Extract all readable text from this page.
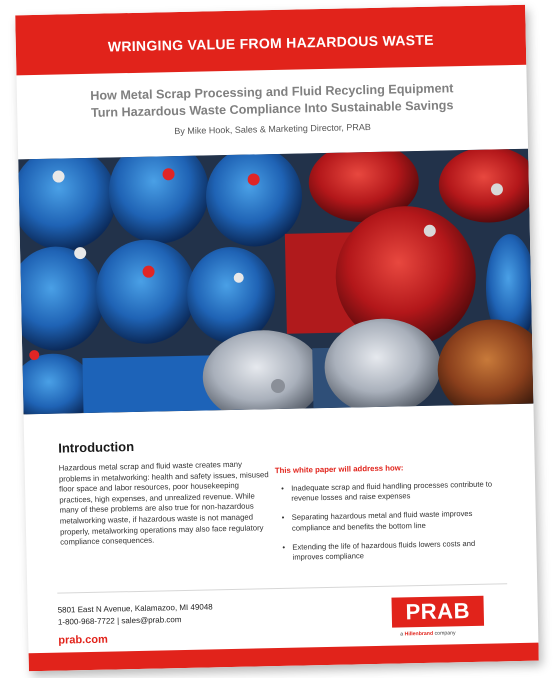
WRINGING VALUE FROM HAZARDOUS WASTE
How Metal Scrap Processing and Fluid Recycling Equipment
Turn Hazardous Waste Compliance Into Sustainable Savings
By Mike Hook, Sales & Marketing Director, PRAB
Introduction
Hazardous metal scrap and fluid waste creates many problems in metalworking: health and safety issues, misused floor space and labor resources, poor housekeeping practices, high expenses, and unrealized revenue. While many of these problems are also true for non-hazardous metalworking waste, if hazardous waste is not managed properly, metalworking operations may also face regulatory compliance consequences.
This white paper will address how:
• Inadequate scrap and fluid handling processes contribute to revenue losses and raise expenses
• Separating hazardous metal and fluid waste improves compliance and benefits the bottom line
• Extending the life of hazardous fluids lowers costs and improves compliance
5801 East N Avenue, Kalamazoo, MI 49048
1-800-968-7722 | sales@prab.com
prab.com
PRAB
a Hillenbrand company
